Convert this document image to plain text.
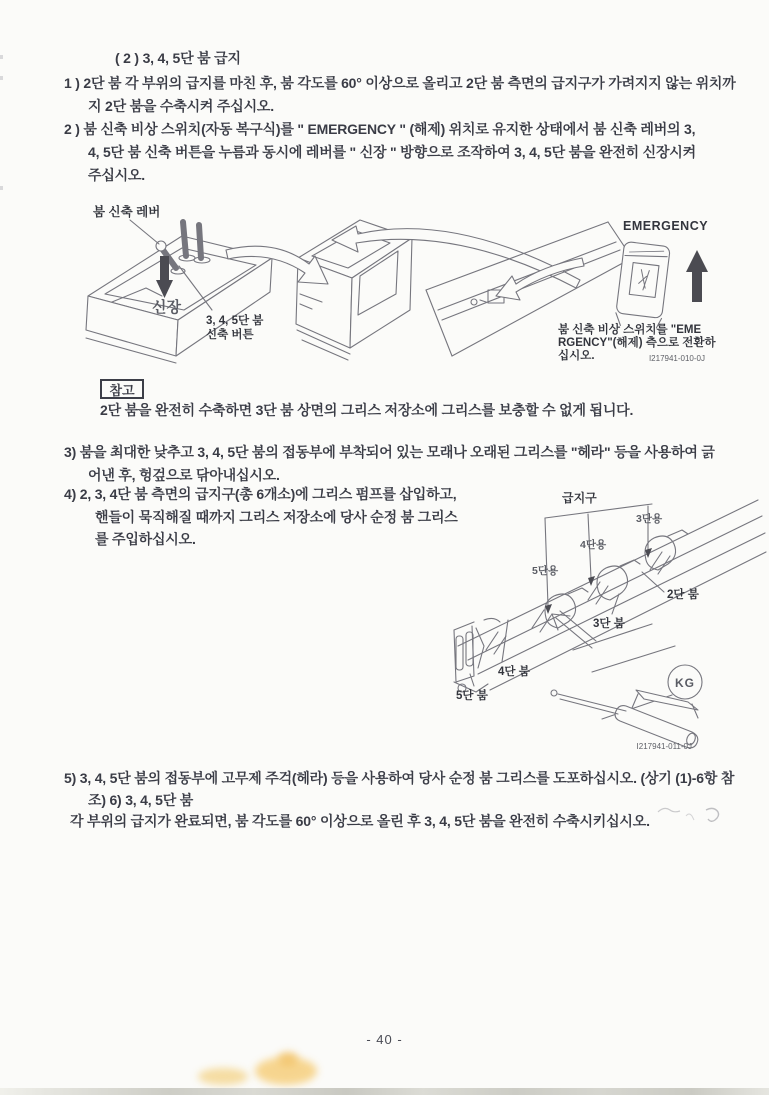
( 2 ) 3, 4, 5단 붐 급지
1 ) 2단 붐 각 부위의 급지를 마친 후, 붐 각도를 60° 이상으로 올리고 2단 붐 측면의 급지구가 가려지지 않는 위치까
지 2단 붐을 수축시켜 주십시오.
2 ) 붐 신축 비상 스위치(자동 복구식)를 " EMERGENCY " (해제) 위치로 유지한 상태에서 붐 신축 레버의 3,
4, 5단 붐 신축 버튼을 누름과 동시에 레버를 " 신장 " 방향으로 조작하여 3, 4, 5단 붐을 완전히 신장시켜
주십시오.
참고
2단 붐을 완전히 수축하면 3단 붐 상면의 그리스 저장소에 그리스를 보충할 수 없게 됩니다.
3) 붐을 최대한 낮추고 3, 4, 5단 붐의 접동부에 부착되어 있는 모래나 오래된 그리스를 "헤라" 등을 사용하여 긁
어낸 후, 헝겊으로 닦아내십시오.
4) 2, 3, 4단 붐 측면의 급지구(총 6개소)에 그리스 펌프를 삽입하고,
핸들이 묵직해질 때까지 그리스 저장소에 당사 순정 붐 그리스
를 주입하십시오.
5) 3, 4, 5단 붐의 접동부에 고무제 주걱(헤라) 등을 사용하여 당사 순정 붐 그리스를 도포하십시오. (상기 (1)-6항 참
조) 6) 3, 4, 5단 붐
각 부위의 급지가 완료되면, 붐 각도를 60° 이상으로 올린 후 3, 4, 5단 붐을 완전히 수축시키십시오.
붐 신축 레버
신장
3, 4, 5단 붐
신축 버튼
EMERGENCY
붐 신축 비상 스위치를 "EME
RGENCY"(해제) 측으로 전환하
십시오.	I217941-010-0J
급지구
3단용
4단용
5단용
2단 붐
3단 붐
4단 붐
5단 붐
KG
I217941-011-0J
- 40 -
